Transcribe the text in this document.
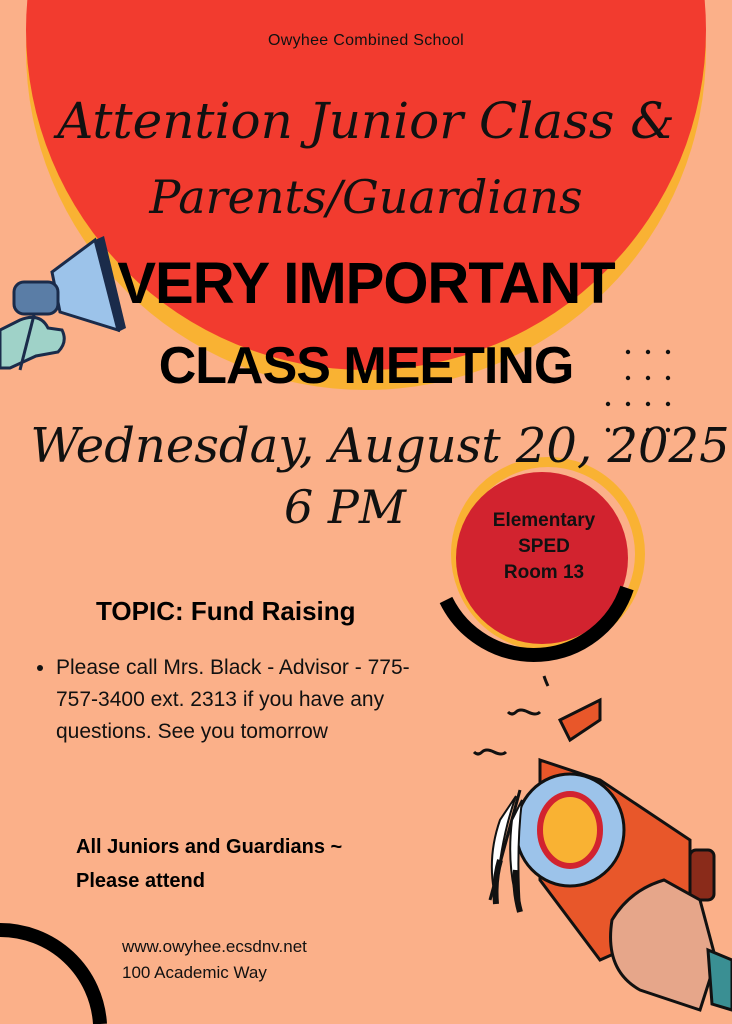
Owyhee Combined School
Attention Junior Class &
Parents/Guardians
VERY IMPORTANT
CLASS MEETING
Wednesday, August 20, 2025
6 PM	Elementary
SPED
Room 13
TOPIC: Fund Raising
• Please call Mrs. Black - Advisor - 775-757-3400 ext. 2313 if you have any questions. See you tomorrow
All Juniors and Guardians ~
Please attend
www.owyhee.ecsdnv.net
100 Academic Way
